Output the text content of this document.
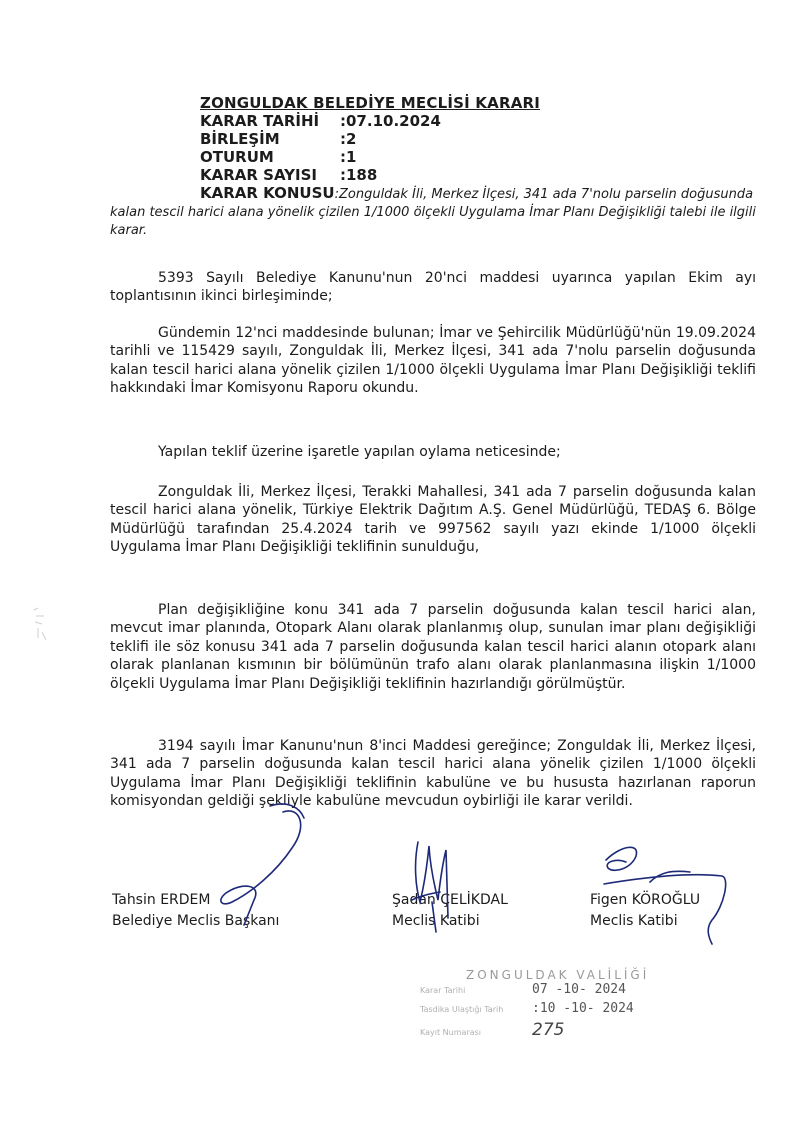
ZONGULDAK BELEDİYE MECLİSİ KARARI
KARAR TARİHİ	:07.10.2024
BİRLEŞİM	:2
OTURUM	:1
KARAR SAYISI	:188
KARAR KONUSU:Zonguldak İli, Merkez İlçesi, 341 ada 7'nolu parselin doğusunda kalan tescil harici alana yönelik çizilen 1/1000 ölçekli Uygulama İmar Planı Değişikliği talebi ile ilgili karar.

5393 Sayılı Belediye Kanunu'nun 20'nci maddesi uyarınca yapılan Ekim ayı toplantısının ikinci birleşiminde;

Gündemin 12'nci maddesinde bulunan; İmar ve Şehircilik Müdürlüğü'nün 19.09.2024 tarihli ve 115429 sayılı, Zonguldak İli, Merkez İlçesi, 341 ada 7'nolu parselin doğusunda kalan tescil harici alana yönelik çizilen 1/1000 ölçekli Uygulama İmar Planı Değişikliği teklifi hakkındaki İmar Komisyonu Raporu okundu.

Yapılan teklif üzerine işaretle yapılan oylama neticesinde;

Zonguldak İli, Merkez İlçesi, Terakki Mahallesi, 341 ada 7 parselin doğusunda kalan tescil harici alana yönelik, Türkiye Elektrik Dağıtım A.Ş. Genel Müdürlüğü, TEDAŞ 6. Bölge Müdürlüğü tarafından 25.4.2024 tarih ve 997562 sayılı yazı ekinde 1/1000 ölçekli Uygulama İmar Planı Değişikliği teklifinin sunulduğu,

Plan değişikliğine konu 341 ada 7 parselin doğusunda kalan tescil harici alan, mevcut imar planında, Otopark Alanı olarak planlanmış olup, sunulan imar planı değişikliği teklifi ile söz konusu 341 ada 7 parselin doğusunda kalan tescil harici alanın otopark alanı olarak planlanan kısmının bir bölümünün trafo alanı olarak planlanmasına ilişkin 1/1000 ölçekli Uygulama İmar Planı Değişikliği teklifinin hazırlandığı görülmüştür.

3194 sayılı İmar Kanunu'nun 8'inci Maddesi gereğince; Zonguldak İli, Merkez İlçesi, 341 ada 7 parselin doğusunda kalan tescil harici alana yönelik çizilen 1/1000 ölçekli Uygulama İmar Planı Değişikliği teklifinin kabulüne ve bu hususta hazırlanan raporun komisyondan geldiği şekliyle kabulüne mevcudun oybirliği ile karar verildi.

Tahsin ERDEM
Belediye Meclis Başkanı
Şadan ÇELİKDAL
Meclis Katibi
Figen KÖROĞLU
Meclis Katibi
ZONGULDAK VALİLİĞİ
Karar Tarihi	07 -10- 2024
Tasdika Ulaştığı Tarih	:10 -10- 2024
Kayıt Numarası	275
